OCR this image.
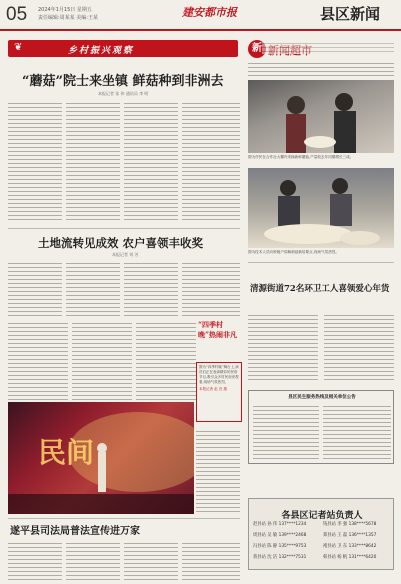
05 2024年1月15日 星期五
责任编辑:周某某 美编:王某	建安都市报	县区新闻
❦	乡村振兴观察
“蘑菇”院士来坐镇 鲜菇种到非洲去
本报记者 张 伟 通讯员 李 明
土地流转见成效 农户喜领丰收奖
本报记者 刘 芳
“四季村晚”热闹非凡
图为“四季村晚”舞台上,演员们正在表演精彩的民俗节目,吸引众多村民前来观看,现场气氛热烈。
本报记者 赵 亮 摄
民间
新
图为村民在合作社大棚内采摘新鲜蘑菇,产量较去年同期增长三成。
图为技术人员向种植户讲解菌菇栽培要点,现场气氛热烈。
清源街道72名环卫工人喜领爱心年货
县区民生服务热线及相关单位公告
各县区记者站负责人
赵县站 孙 伟 137****1234	钱县站 李 强 138****5678
周县站 吴 敏 139****2468	郑县站 王 磊 136****1357
冯县站 陈 静 135****9753	褚县站 卫 东 133****8642
蒋县站 沈 洁 132****7531	韩县站 杨 帆 131****6420
遂平县司法局普法宣传进万家
